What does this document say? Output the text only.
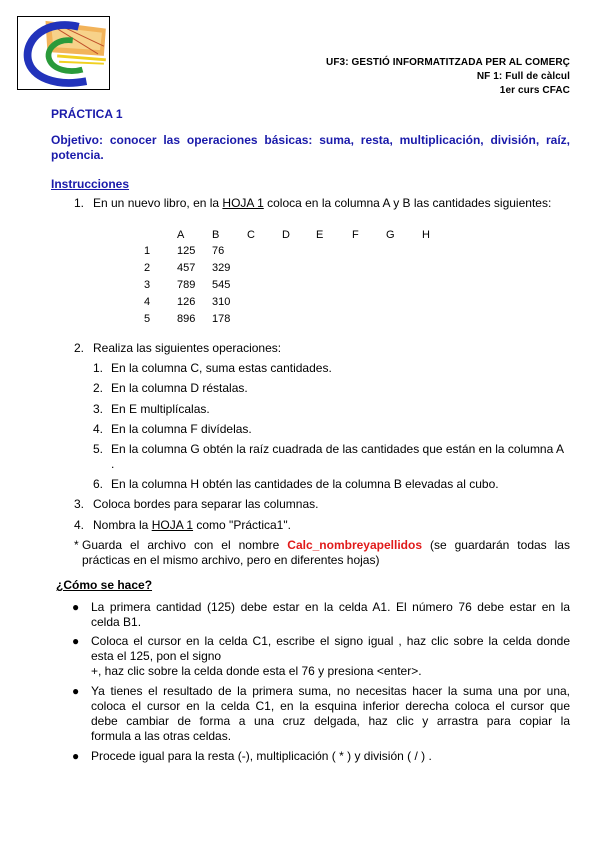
UF3: GESTIÓ INFORMATITZADA PER AL COMERÇ
NF 1: Full de càlcul
1er curs CFAC
PRÁCTICA 1
Objetivo: conocer las operaciones básicas: suma, resta, multiplicación, división, raíz, potencia.
Instrucciones
1. En un nuevo libro, en la HOJA 1 coloca en la columna A y B las cantidades siguientes:
A	B	C D E	F G H
1 125 76
2 457 329
3 789 545
4 126 310
5 896 178
2. Realiza las siguientes operaciones:
1. En la columna C, suma estas cantidades.
2. En la columna D réstalas.
3. En E multiplícalas.
4. En la columna F divídelas.
5. En la columna G obtén la raíz cuadrada de las cantidades que están en la columna A
.
6. En la columna H obtén las cantidades de la columna B elevadas al cubo.
3. Coloca bordes para separar las columnas.
4. Nombra la HOJA 1 como "Práctica1".
* Guarda el archivo con el nombre Calc_nombreyapellidos (se guardarán todas las
prácticas en el mismo archivo, pero en diferentes hojas)
¿Cómo se hace?
● La primera cantidad (125) debe estar en la celda A1. El número 76 debe estar en la
celda B1.
● Coloca el cursor en la celda C1, escribe el signo igual , haz clic sobre la celda donde
esta el 125, pon el signo
+, haz clic sobre la celda donde esta el 76 y presiona <enter>.
● Ya tienes el resultado de la primera suma, no necesitas hacer la suma una por una,
coloca el cursor en la celda C1, en la esquina inferior derecha coloca el cursor que
debe cambiar de forma a una cruz delgada, haz clic y arrastra para copiar la
formula a las otras celdas.
● Procede igual para la resta (-), multiplicación ( * ) y división ( / ) .
